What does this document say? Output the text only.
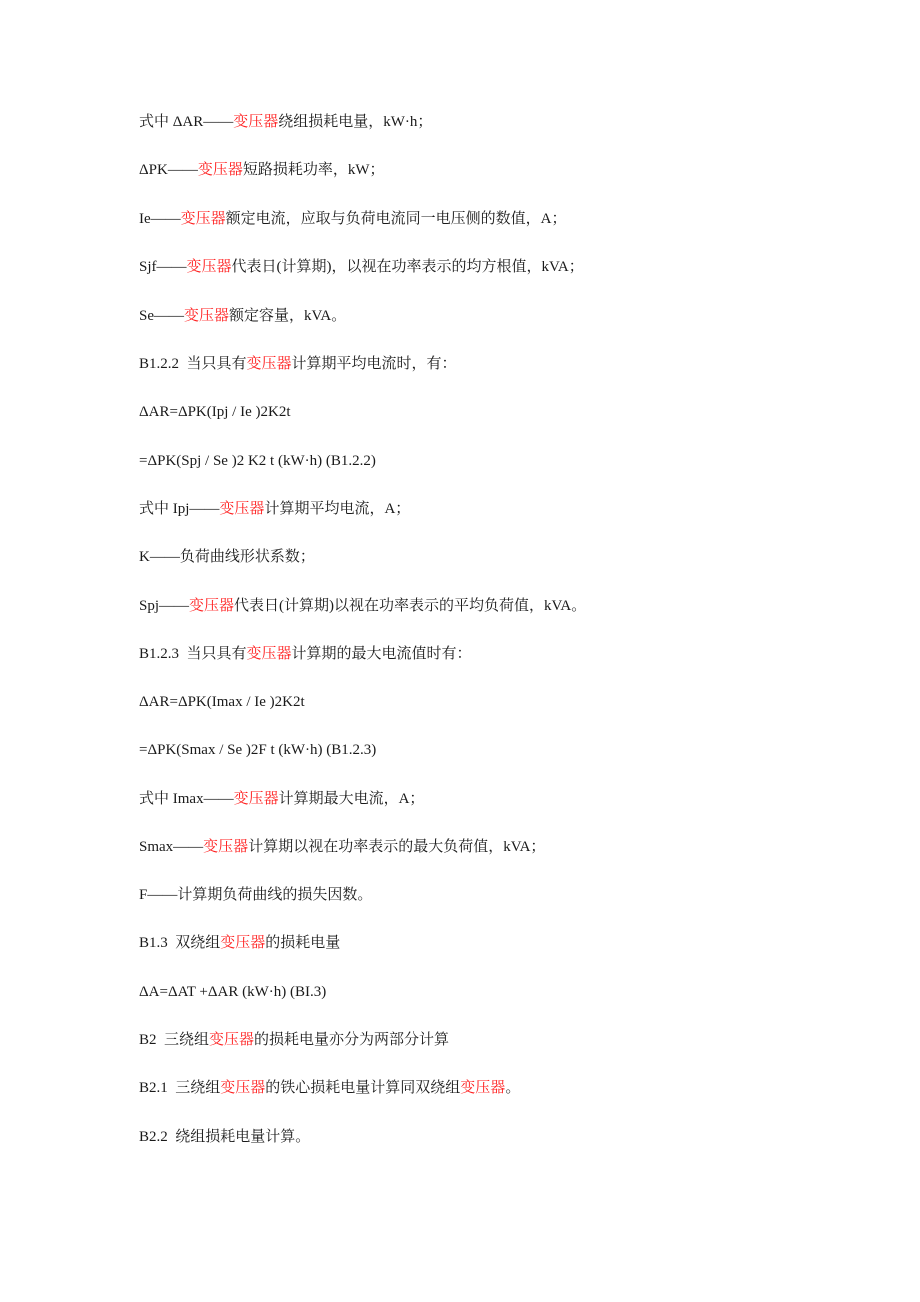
式中 ΔAR——变压器绕组损耗电量，kW·h；
ΔPK——变压器短路损耗功率，kW；
Ie——变压器额定电流，应取与负荷电流同一电压侧的数值，A；
Sjf——变压器代表日(计算期)，以视在功率表示的均方根值，kVA；
Se——变压器额定容量，kVA。
B1.2.2  当只具有变压器计算期平均电流时，有：
ΔAR=ΔPK(Ipj / Ie )2K2t
=ΔPK(Spj / Se )2 K2 t (kW·h) (B1.2.2)
式中 Ipj——变压器计算期平均电流，A；
K——负荷曲线形状系数；
Spj——变压器代表日(计算期)以视在功率表示的平均负荷值，kVA。
B1.2.3  当只具有变压器计算期的最大电流值时有：
ΔAR=ΔPK(Imax / Ie )2K2t
=ΔPK(Smax / Se )2F t (kW·h) (B1.2.3)
式中 Imax——变压器计算期最大电流，A；
Smax——变压器计算期以视在功率表示的最大负荷值，kVA；
F——计算期负荷曲线的损失因数。
B1.3  双绕组变压器的损耗电量
ΔA=ΔAT +ΔAR (kW·h) (BI.3)
B2  三绕组变压器的损耗电量亦分为两部分计算
B2.1  三绕组变压器的铁心损耗电量计算同双绕组变压器。
B2.2  绕组损耗电量计算。
